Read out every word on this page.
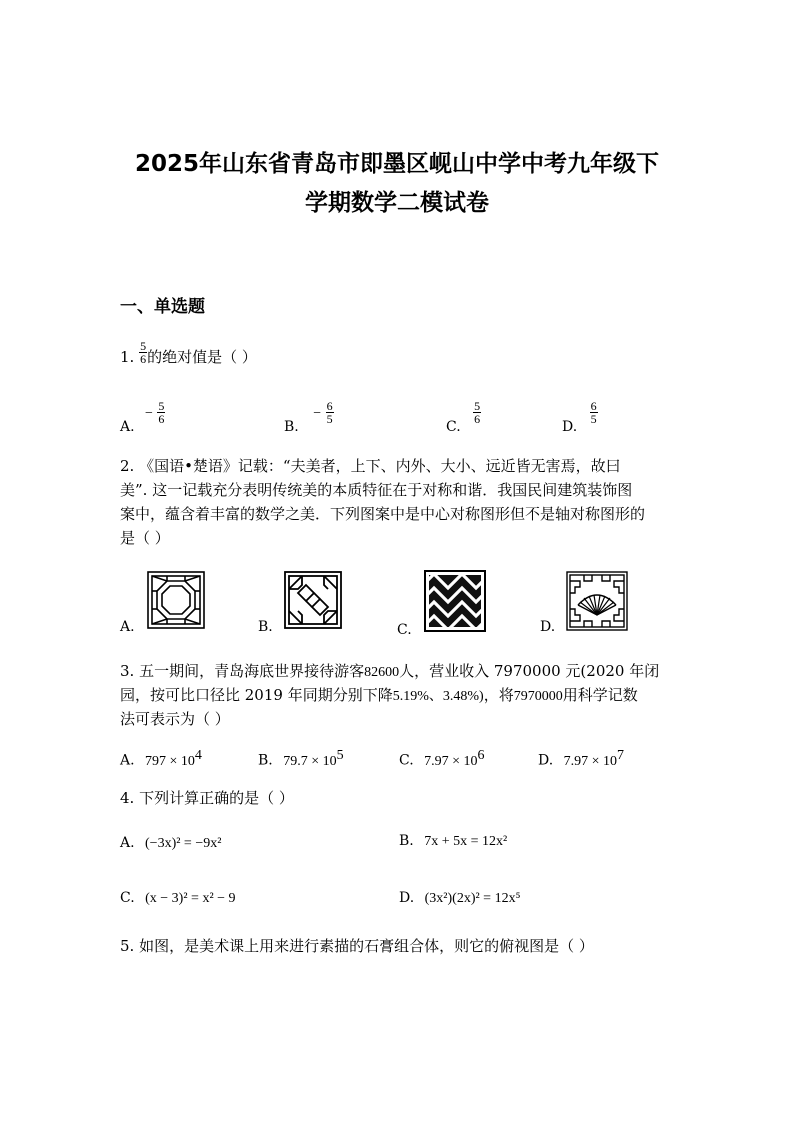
2025年山东省青岛市即墨区岘山中学中考九年级下
学期数学二模试卷
一、单选题
1. $\frac{5}{6}$ 的绝对值是（ ）
A. − $\frac{5}{6}$
B. − $\frac{6}{5}$
C.
$\frac{5}{6}$
D.
$\frac{6}{5}$
2. 《国语•楚语》记载：“夫美者，上下、内外、大小、远近皆无害焉，故曰
美”. 这一记载充分表明传统美的本质特征在于对称和谐．我国民间建筑装饰图
案中，蕴含着丰富的数学之美．下列图案中是中心对称图形但不是轴对称图形的
是（ ）
A.	B.	C.	D.
3. 五一期间，青岛海底世界接待游客82600人，营业收入 7970000 元(2020 年闭
园，按可比口径比 2019 年同期分别下降5.19%、3.48%)，将7970000用科学记数
法可表示为（ ）
A. $797 \times 10^4$	B. $79.7 \times 10^5$	C. $7.97 \times 10^6$	D. $7.97 \times 10^7$
4. 下列计算正确的是（ ）
A. (−3x)² = −9x²	B. 7x + 5x = 12x²
C. (x − 3)² = x² − 9	D. (3x²)(2x)² = 12x⁵
5. 如图，是美术课上用来进行素描的石膏组合体，则它的俯视图是（ ）
